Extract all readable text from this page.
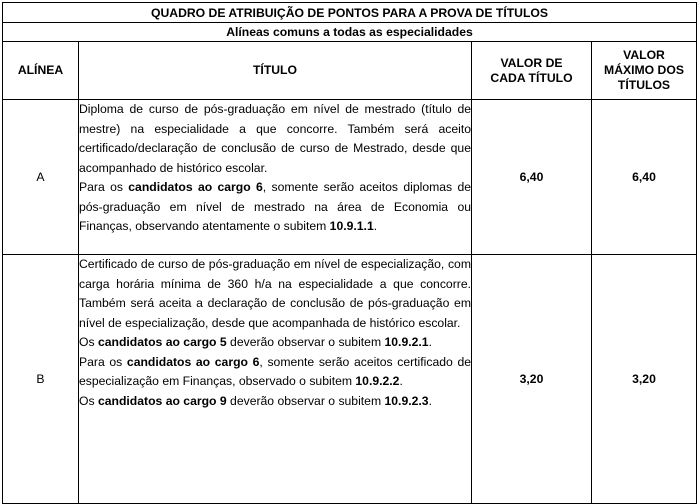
QUADRO DE ATRIBUIÇÃO DE PONTOS PARA A PROVA DE TÍTULOS			
Alíneas comuns a todas as especialidades			
ALÍNEA	TÍTULO	VALOR DE CADA TÍTULO	VALOR MÁXIMO DOS TÍTULOS
A	Diploma de curso de pós-graduação em nível de mestrado (título de mestre) na especialidade a que concorre. Também será aceito certificado/declaração de conclusão de curso de Mestrado, desde que acompanhado de histórico escolar.

Para os candidatos ao cargo 6, somente serão aceitos diplomas de pós-graduação em nível de mestrado na área de Economia ou Finanças, observando atentamente o subitem 10.9.1.1.	6,40	6,40
B	Certificado de curso de pós-graduação em nível de especialização, com carga horária mínima de 360 h/a na especialidade a que concorre. Também será aceita a declaração de conclusão de pós-graduação em nível de especialização, desde que acompanhada de histórico escolar.

Os candidatos ao cargo 5 deverão observar o subitem 10.9.2.1.

Para os candidatos ao cargo 6, somente serão aceitos certificado de especialização em Finanças, observado o subitem 10.9.2.2.

Os candidatos ao cargo 9 deverão observar o subitem 10.9.2.3.	3,20	3,20
